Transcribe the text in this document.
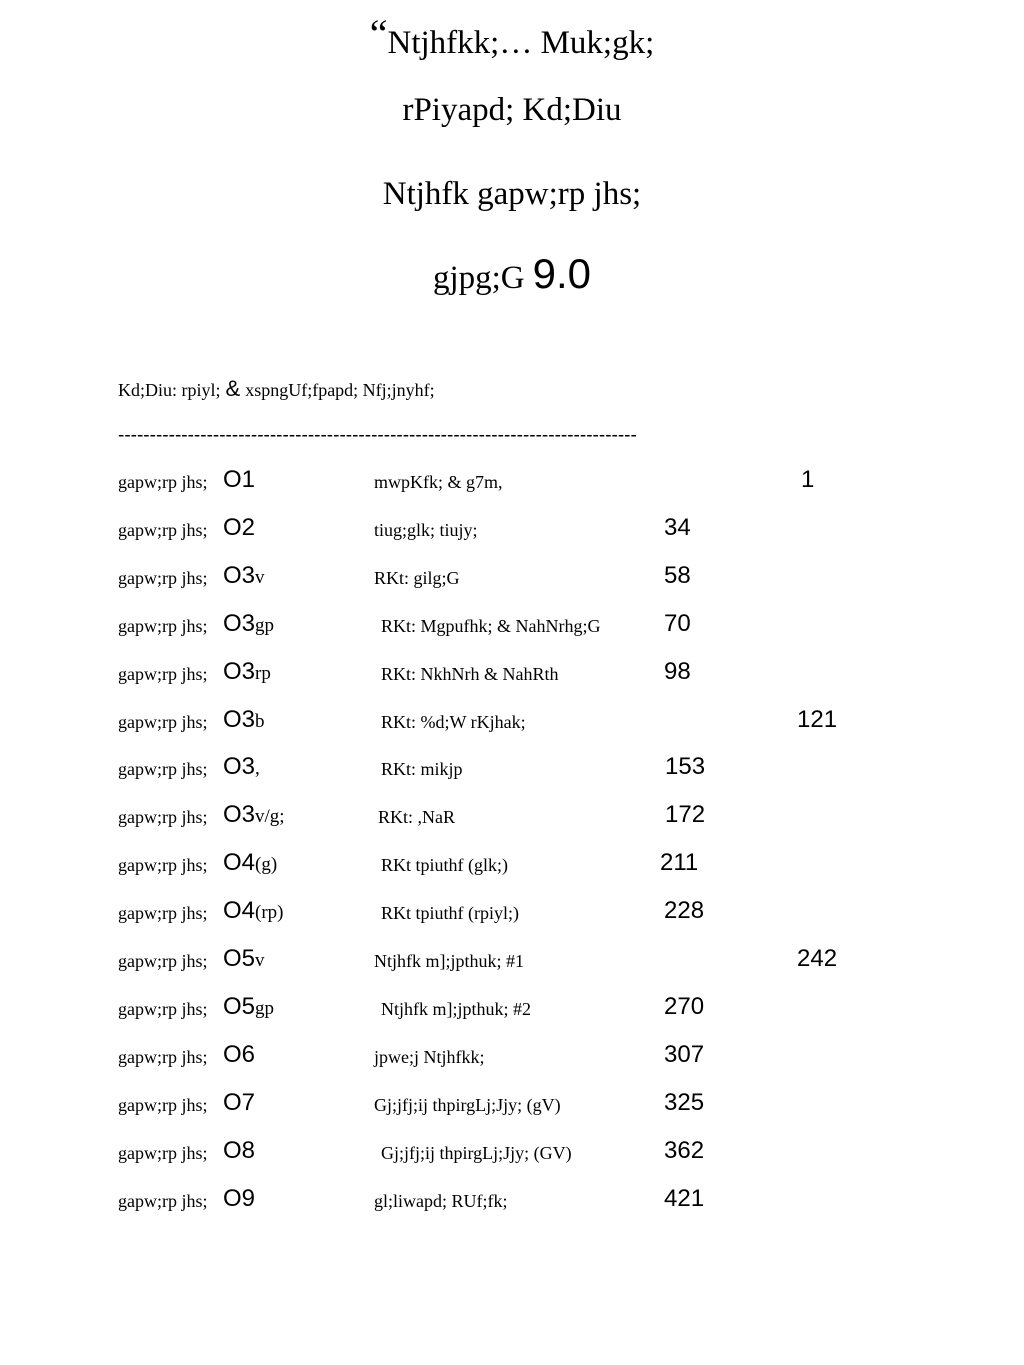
“Ntjhfkk;… Muk;gk;
rPiyapd; Kd;Diu
Ntjhfk gapw;rp jhs;
gjpg;G 9.0
Kd;Diu: rpiyl; & xspngUf;fpapd; Nfj;jnyhf;
----------------------------------------------------------------------------------
gapw;rp jhs; O1	mwpKfk; & g7m,	1
gapw;rp jhs; O2	tiug;glk; tiujy;	34
gapw;rp jhs; O3v	RKt: gilg;G	58
gapw;rp jhs; O3gp	RKt: Mgpufhk; & NahNrhg;G	70
gapw;rp jhs; O3rp	RKt: NkhNrh & NahRth	98
gapw;rp jhs; O3b	RKt: %d;W rKjhak;	121
gapw;rp jhs; O3,	RKt: mikjp	153
gapw;rp jhs; O3v/g;	RKt: ,NaR	172
gapw;rp jhs; O4(g)	RKt tpiuthf (glk;)	211
gapw;rp jhs; O4(rp)	RKt tpiuthf (rpiyl;)	228
gapw;rp jhs; O5v	Ntjhfk m];jpthuk; #1	242
gapw;rp jhs; O5gp	Ntjhfk m];jpthuk; #2	270
gapw;rp jhs; O6	jpwe;j Ntjhfkk;	307
gapw;rp jhs; O7	Gj;jfj;ij thpirgLj;Jjy; (gV)	325
gapw;rp jhs; O8	Gj;jfj;ij thpirgLj;Jjy; (GV)	362
gapw;rp jhs; O9	gl;liwapd; RUf;fk;	421
